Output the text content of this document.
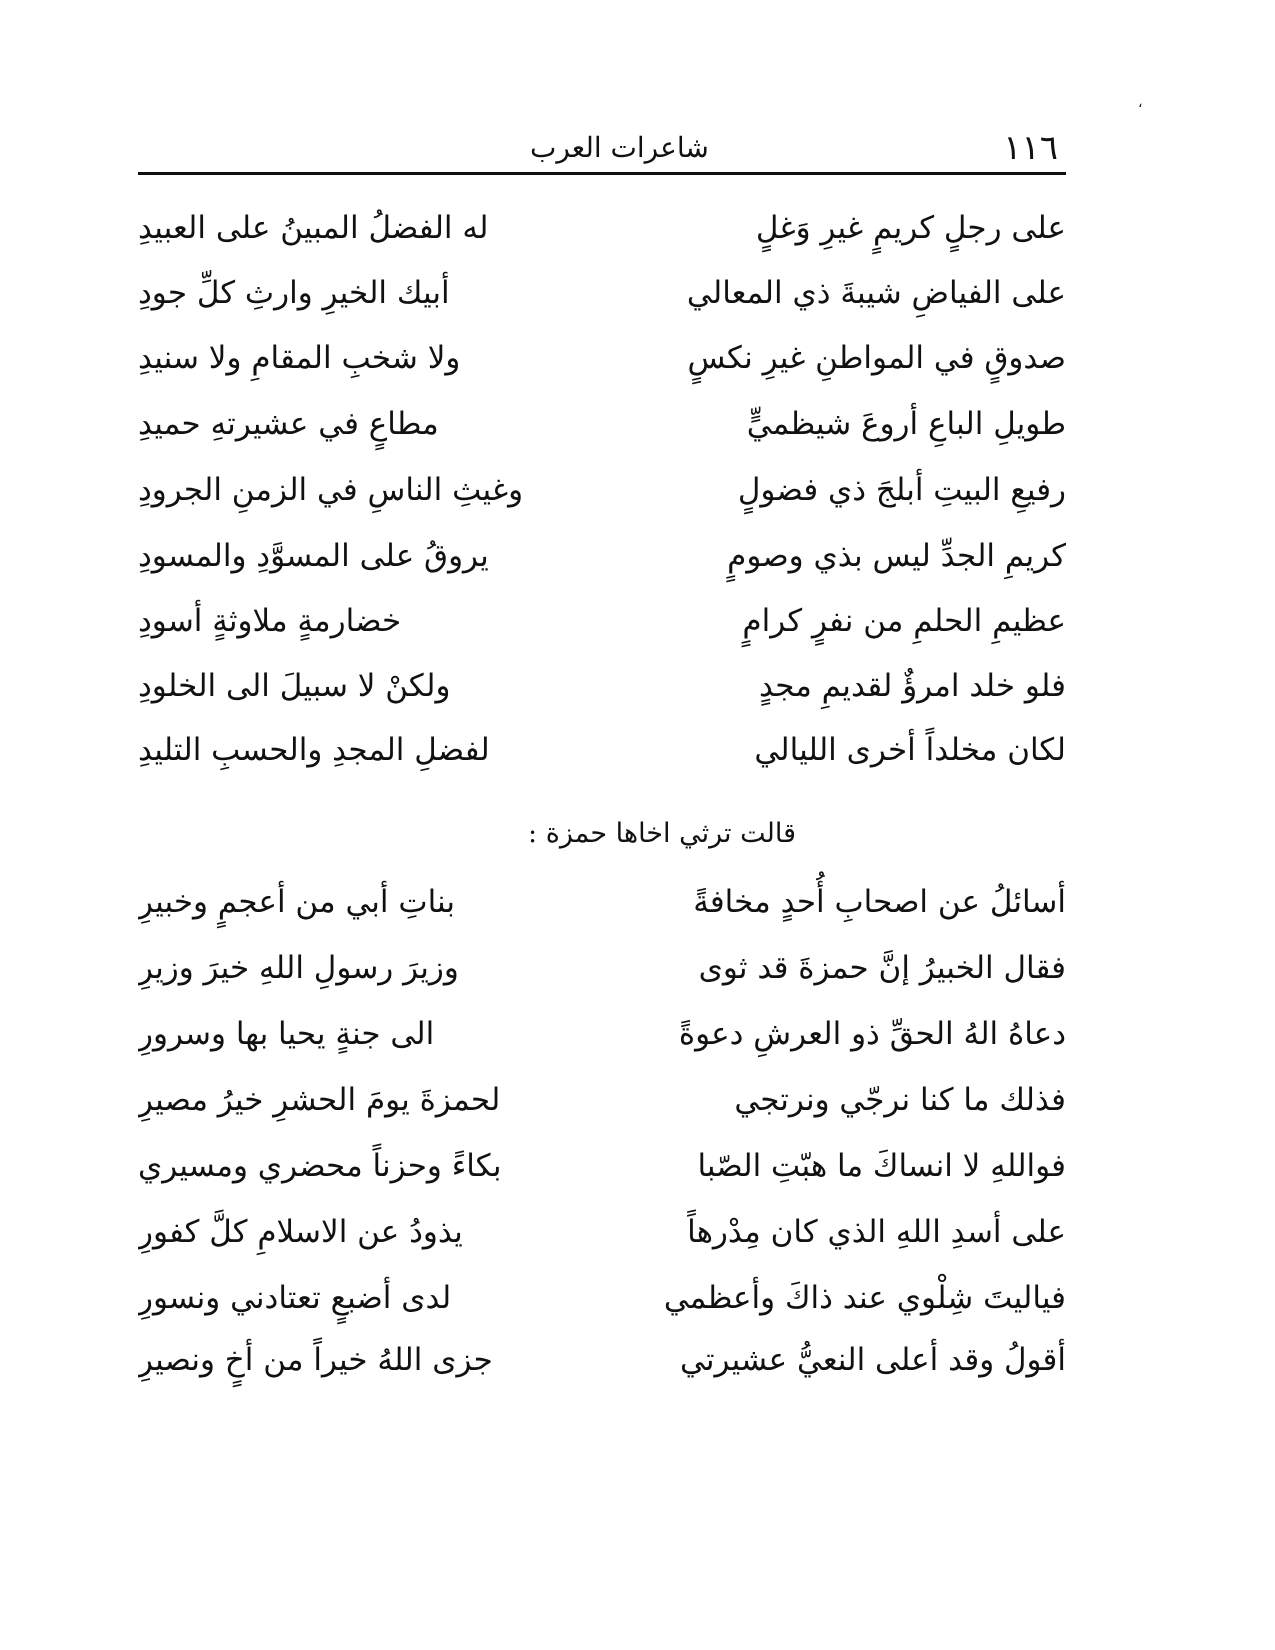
،
١١٦
شاعرات العرب
على رجلٍ كريمٍ غيرِ وَغلٍ
له الفضلُ المبينُ على العبيدِ
على الفياضِ شيبةَ ذي المعالي
أبيك الخيرِ وارثِ كلِّ جودِ
صدوقٍ في المواطنِ غيرِ نكسٍ
ولا شخبِ المقامِ ولا سنيدِ
طويلِ الباعِ أروعَ شيظميٍّ
مطاعٍ في عشيرتهِ حميدِ
رفيعِ البيتِ أبلجَ ذي فضولٍ
وغيثِ الناسِ في الزمنِ الجرودِ
كريمِ الجدِّ ليس بذي وصومٍ
يروقُ على المسوَّدِ والمسودِ
عظيمِ الحلمِ من نفرٍ كرامٍ
خضارمةٍ ملاوثةٍ أسودِ
فلو خلد امرؤٌ لقديمِ مجدٍ
ولكنْ لا سبيلَ الى الخلودِ
لكان مخلداً أخرى الليالي
لفضلِ المجدِ والحسبِ التليدِ
قالت ترثي اخاها حمزة :
أسائلُ عن اصحابِ أُحدٍ مخافةً
بناتِ أبي من أعجمٍ وخبيرِ
فقال الخبيرُ إنَّ حمزةَ قد ثوى
وزيرَ رسولِ اللهِ خيرَ وزيرِ
دعاهُ الهُ الحقِّ ذو العرشِ دعوةً
الى جنةٍ يحيا بها وسرورِ
فذلك ما كنا نرجّي ونرتجي
لحمزةَ يومَ الحشرِ خيرُ مصيرِ
فواللهِ لا انساكَ ما هبّتِ الصّبا
بكاءً وحزناً محضري ومسيري
على أسدِ اللهِ الذي كان مِدْرهاً
يذودُ عن الاسلامِ كلَّ كفورِ
فياليتَ شِلْوي عند ذاكَ وأعظمي
لدى أضبعٍ تعتادني ونسورِ
أقولُ وقد أعلى النعيُّ عشيرتي
جزى اللهُ خيراً من أخٍ ونصيرِ
